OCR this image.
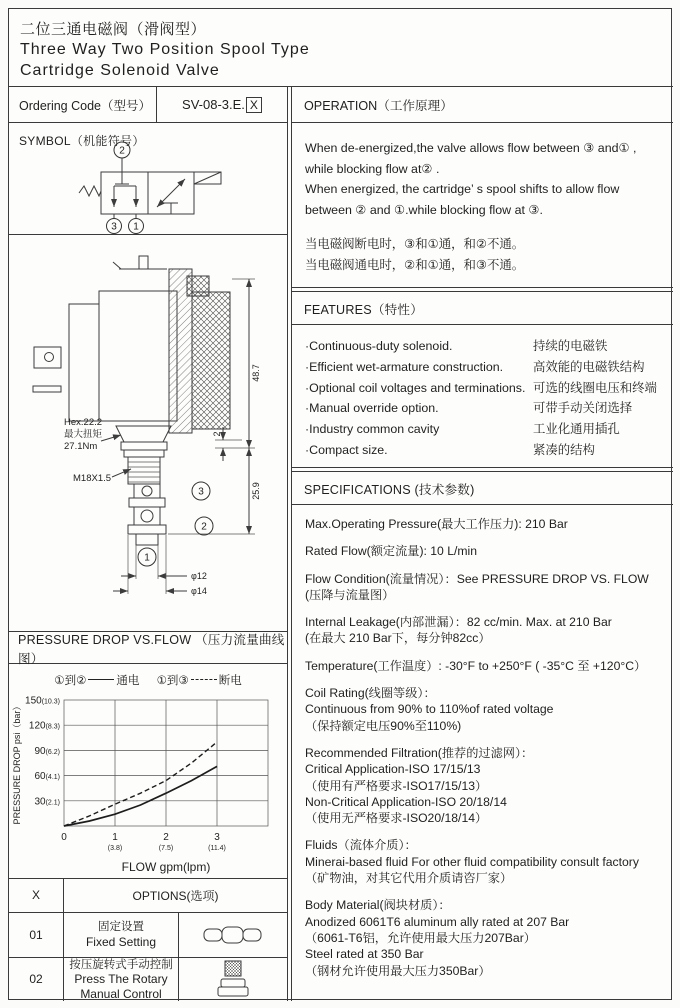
二位三通电磁阀（滑阀型）
Three Way Two Position Spool Type
Cartridge Solenoid Valve
Ordering Code（型号）	SV-08-3.E. X
SYMBOL（机能符号）
2
3 1
48.7
2
25.9
φ12
φ14
Hex.22.2
最大扭矩
27.1Nm
M18X1.5
3
2
1
PRESSURE DROP VS.FLOW （压力流量曲线图）
①到②	通电 ①到③	断电
150(10.3)
120(8.3)
90(6.2)
60(4.1)
30(2.1)
0	1	2	3
(3.8)	(7.5)	(11.4)
FLOW gpm(lpm)
PRESSURE DROP psi（bar）
X	OPTIONS(选项)
01
固定设置
Fixed Setting
02
按压旋转式手动控制
Press The Rotary
Manual Control
OPERATION（工作原理）
When de-energized,the valve allows flow between ③ and① ,
while blocking flow at② .
When energized, the cartridge’ s spool shifts to allow flow
between ② and ①.while blocking flow at ③.
当电磁阀断电时，③和①通，和②不通。
当电磁阀通电时，②和①通，和③不通。
FEATURES（特性）
·Continuous-duty solenoid.	持续的电磁铁
·Efficient wet-armature construction.	高效能的电磁铁结构
·Optional coil voltages and terminations. 可选的线圈电压和终端
·Manual override option.	可带手动关闭选择
·Industry common cavity	工业化通用插孔
·Compact size.	紧凑的结构
SPECIFICATIONS (技术参数)
Max.Operating Pressure(最大工作压力): 210 Bar
Rated Flow(额定流量): 10 L/min
Flow Condition(流量情况）：See PRESSURE DROP VS. FLOW
(压降与流量图）
Internal Leakage(内部泄漏）：82 cc/min. Max. at 210 Bar
(在最大 210 Bar下，每分钟82cc）
Temperature(工作温度）: -30°F to +250°F ( -35°C 至 +120°C）
Coil Rating(线圈等级）：
Continuous from 90% to 110%of rated voltage
（保持额定电压90%至110%)
Recommended Filtration(推荐的过滤网）：
Critical Application-ISO 17/15/13
（使用有严格要求-ISO17/15/13）
Non-Critical Application-ISO 20/18/14
（使用无严格要求-ISO20/18/14）
Fluids（流体介质）：
Minerai-based fluid For other fluid compatibility consult factory
（矿物油，对其它代用介质请咨厂家）
Body Material(阀块材质）：
Anodized 6061T6 aluminum ally rated at 207 Bar
（6061-T6铝，允许使用最大压力207Bar）
Steel rated at 350 Bar
（钢材允许使用最大压力350Bar）
